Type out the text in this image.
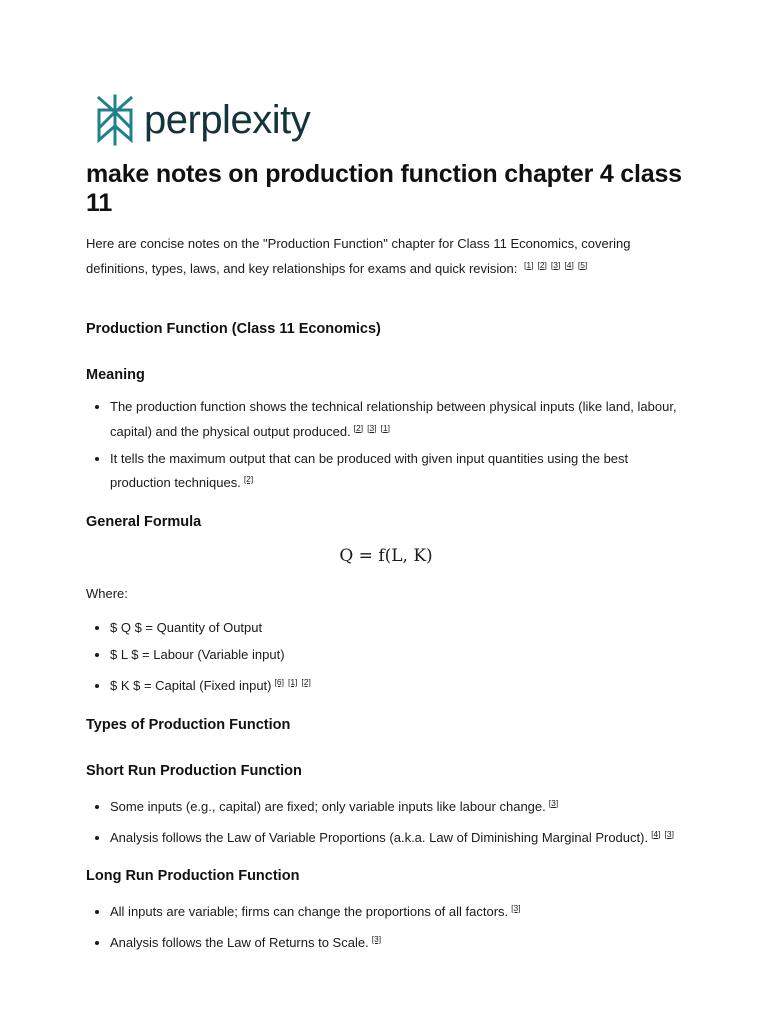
perplexity
make notes on production function chapter 4 class 11

Here are concise notes on the "Production Function" chapter for Class 11 Economics, covering definitions, types, laws, and key relationships for exams and quick revision: [1] [2] [3] [4] [5]

Production Function (Class 11 Economics)
Meaning
• The production function shows the technical relationship between physical inputs (like land, labour, capital) and the physical output produced. [2] [3] [1]
• It tells the maximum output that can be produced with given input quantities using the best production techniques. [2]
General Formula
Q = f(L, K)

Where:

• $ Q $ = Quantity of Output
• $ L $ = Labour (Variable input)
• $ K $ = Capital (Fixed input) [6] [1] [2]
Types of Production Function
Short Run Production Function
• Some inputs (e.g., capital) are fixed; only variable inputs like labour change. [3]
• Analysis follows the Law of Variable Proportions (a.k.a. Law of Diminishing Marginal Product). [4] [3]
Long Run Production Function
• All inputs are variable; firms can change the proportions of all factors. [3]
• Analysis follows the Law of Returns to Scale. [3]
